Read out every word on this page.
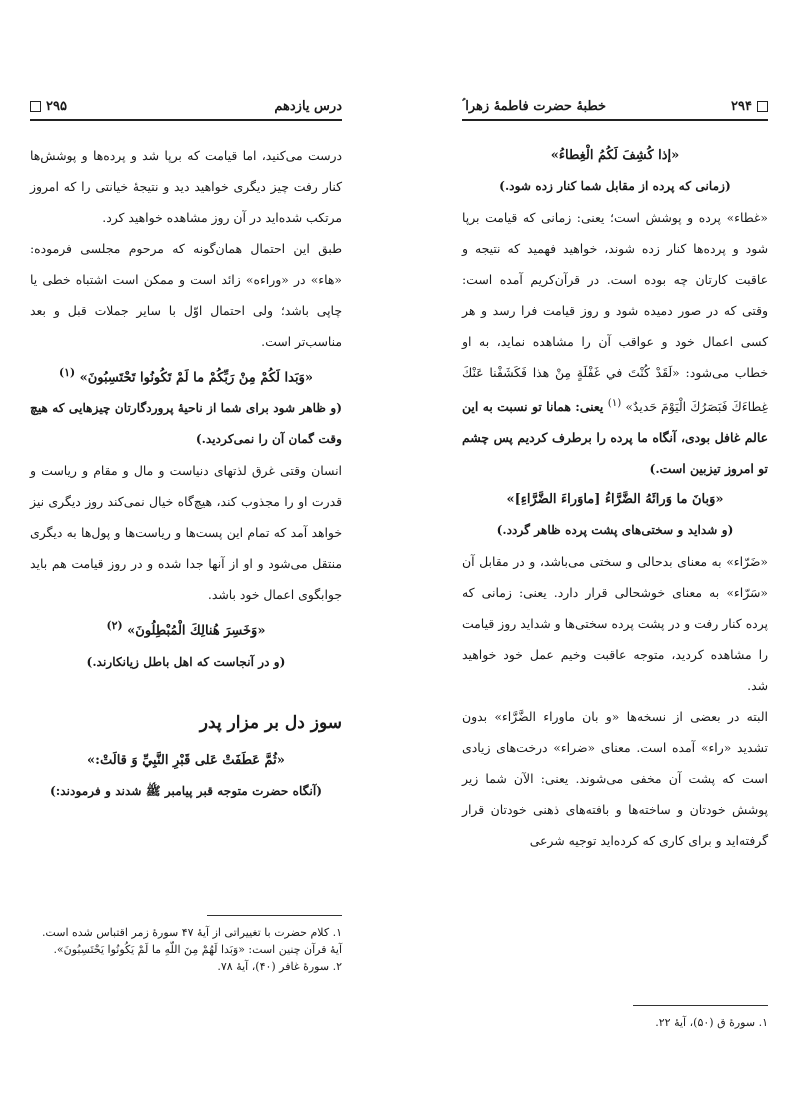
درس یازدهم
۲۹۵

درست می‌کنید، اما قیامت که برپا شد و پرده‌ها و پوشش‌ها کنار رفت چیز دیگری خواهید دید و نتیجهٔ خیانتی را که امروز مرتکب شده‌اید در آن روز مشاهده خواهید کرد.

طبق این احتمال همان‌گونه که مرحوم مجلسی فرموده: «هاء» در «وراءه» زائد است و ممکن است اشتباه خطی یا چاپی باشد؛ ولی احتمال اوّل با سایر جملات قبل و بعد مناسب‌تر است.

«وَبَدا لَكُمْ مِنْ رَبِّكُمْ ما لَمْ تَكُونُوا تَحْتَسِبُونَ» $^{(۱)}$

(و ظاهر شود برای شما از ناحیهٔ پروردگارتان چیزهایی که هیچ وقت گمان آن را نمی‌کردید.)

انسان وقتی غرق لذتهای دنیاست و مال و مقام و ریاست و قدرت او را مجذوب کند، هیچ‌گاه خیال نمی‌کند روز دیگری نیز خواهد آمد که تمام این پست‌ها و ریاست‌ها و پول‌ها به دیگری منتقل می‌شود و او از آنها جدا شده و در روز قیامت هم باید جوابگوی اعمال خود باشد.

«وَخَسِرَ هُنالِكَ الْمُبْطِلُونَ» $^{(۲)}$

(و در آنجاست که اهل باطل زیانکارند.)

سوز دل بر مزار پدر

«ثُمَّ عَطَفَتْ عَلى قَبْرِ النَّبِيِّ وَ قالَتْ:»

(آنگاه حضرت متوجه قبر پیامبر ﷺ شدند و فرمودند:)

۱. کلام حضرت با تغییراتی از آیهٔ ۴۷ سورهٔ زمر اقتباس شده است. آیهٔ قرآن چنین است: «وَبَدا لَهُمْ مِنَ اللّهِ ما لَمْ يَكُونُوا يَحْتَسِبُونَ».

۲. سورهٔ غافر (۴۰)، آیهٔ ۷۸.

۲۹۴
خطبهٔ حضرت فاطمهٔ زهرا ؑ

«إذا كُشِفَ لَكُمُ الْغِطاءُ»

(زمانی که پرده از مقابل شما کنار زده شود.)

«غطاء» پرده و پوشش است؛ یعنی: زمانی که قیامت برپا شود و پرده‌ها کنار زده شوند، خواهید فهمید که نتیجه و عاقبت کارتان چه بوده است. در قرآن‌کریم آمده است: وقتی که در صور دمیده شود و روز قیامت فرا رسد و هر کسی اعمال خود و عواقب آن را مشاهده نماید، به او خطاب می‌شود: «لَقَدْ كُنْتَ في غَفْلَةٍ مِنْ هذا فَكَشَفْنا عَنْكَ غِطاءَكَ فَبَصَرُكَ الْيَوْمَ حَديدٌ» $^{(۱)}$ یعنی: همانا تو نسبت به این عالم غافل بودی، آنگاه ما پرده را برطرف کردیم پس چشم تو امروز تیزبین است.)

«وَبانَ ما وَرائَهُ الضَّرَّاءُ [ماوَراءَ الضَّرَّاءِ]»

(و شداید و سختی‌های پشت پرده ظاهر گردد.)

«ضَرّاء» به معنای بدحالی و سختی می‌باشد، و در مقابل آن «سَرّاء» به معنای خوشحالی قرار دارد. یعنی: زمانی که پرده کنار رفت و در پشت پرده سختی‌ها و شداید روز قیامت را مشاهده کردید، متوجه عاقبت وخیم عمل خود خواهید شد.

البته در بعضی از نسخه‌ها «و بان ماوراء الضَّرَّاء» بدون تشدید «راء» آمده است. معنای «ضراء» درخت‌های زیادی است که پشت آن مخفی می‌شوند. یعنی: الآن شما زیر پوشش خودتان و ساخته‌ها و بافته‌های ذهنی خودتان قرار گرفته‌اید و برای کاری که کرده‌اید توجیه شرعی

۱. سورهٔ ق (۵۰)، آیهٔ ۲۲.
